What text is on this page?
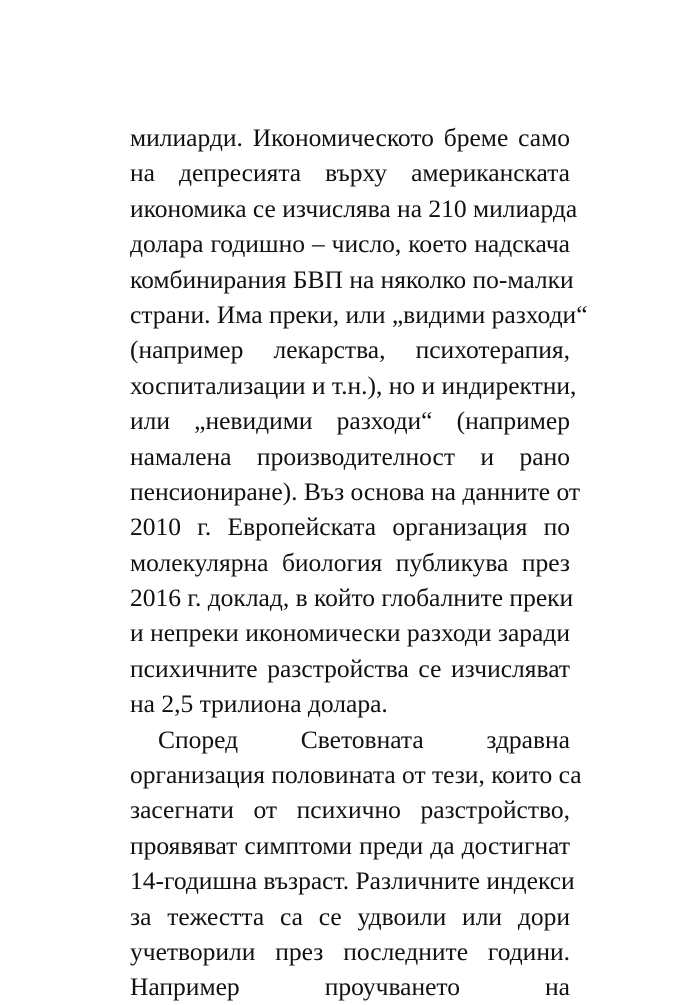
милиарди. Икономическото бреме само
на депресията върху американската
икономика се изчислява на 210 милиарда
долара годишно – число, което надскача
комбинирания БВП на няколко по-малки
страни. Има преки, или „видими разходи“
(например лекарства, психотерапия,
хоспитализации и т.н.), но и индиректни,
или „невидими разходи“ (например
намалена производителност и рано
пенсиониране). Въз основа на данните от
2010 г. Европейската организация по
молекулярна биология публикува през
2016 г. доклад, в който глобалните преки
и непреки икономически разходи заради
психичните разстройства се изчисляват
на 2,5 трилиона долара.
Според Световната здравна
организация половината от тези, които са
засегнати от психично разстройство,
проявяват симптоми преди да достигнат
14-годишна възраст. Различните индекси
за тежестта са се удвоили или дори
учетворили през последните години.
Например проучването на
